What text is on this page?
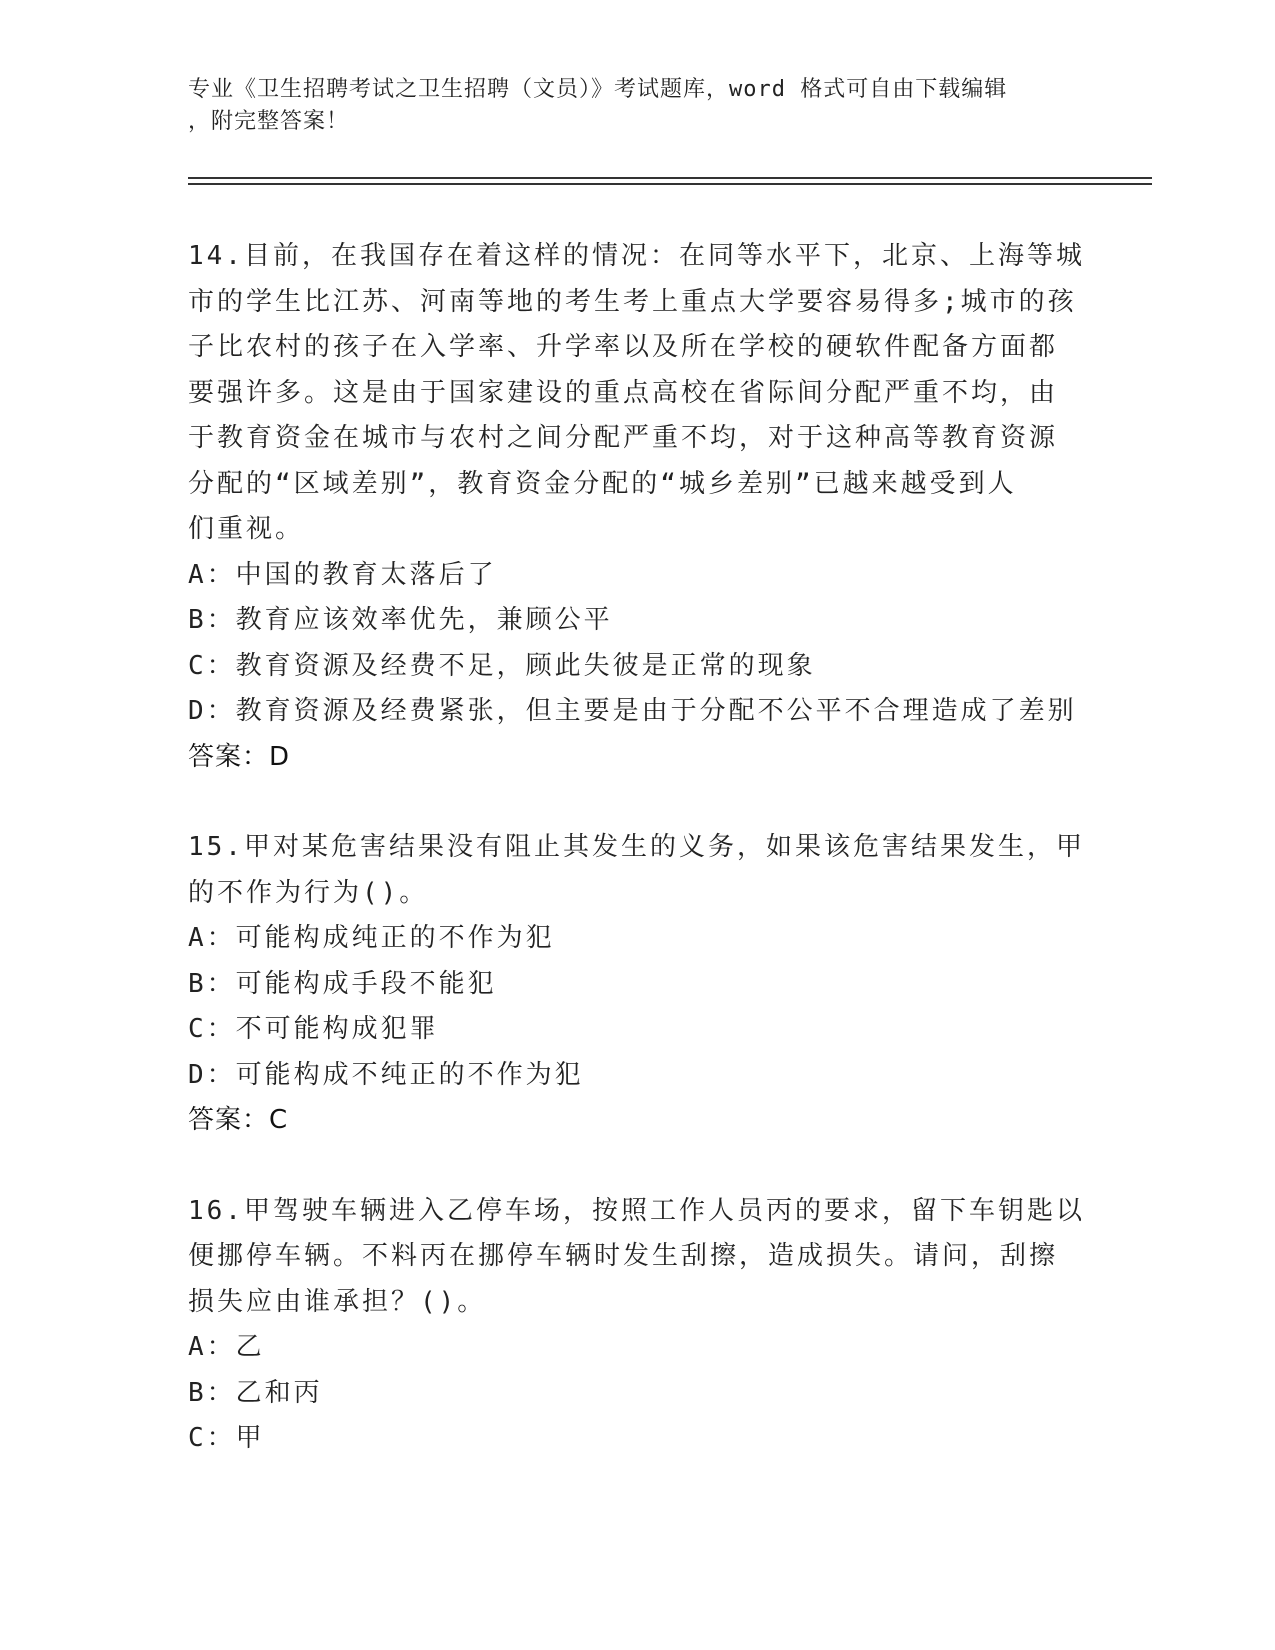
专业《卫生招聘考试之卫生招聘（文员）》考试题库，word 格式可自由下载编辑
，附完整答案！
14.目前，在我国存在着这样的情况：在同等水平下，北京、上海等城
市的学生比江苏、河南等地的考生考上重点大学要容易得多;城市的孩
子比农村的孩子在入学率、升学率以及所在学校的硬软件配备方面都
要强许多。这是由于国家建设的重点高校在省际间分配严重不均，由
于教育资金在城市与农村之间分配严重不均，对于这种高等教育资源
分配的“区域差别”，教育资金分配的“城乡差别”已越来越受到人
们重视。
A：中国的教育太落后了
B：教育应该效率优先，兼顾公平
C：教育资源及经费不足，顾此失彼是正常的现象
D：教育资源及经费紧张，但主要是由于分配不公平不合理造成了差别
答案：D
15.甲对某危害结果没有阻止其发生的义务，如果该危害结果发生，甲
的不作为行为()。
A：可能构成纯正的不作为犯
B：可能构成手段不能犯
C：不可能构成犯罪
D：可能构成不纯正的不作为犯
答案：C
16.甲驾驶车辆进入乙停车场，按照工作人员丙的要求，留下车钥匙以
便挪停车辆。不料丙在挪停车辆时发生刮擦，造成损失。请问，刮擦
损失应由谁承担？()。
A：乙
B：乙和丙
C：甲
